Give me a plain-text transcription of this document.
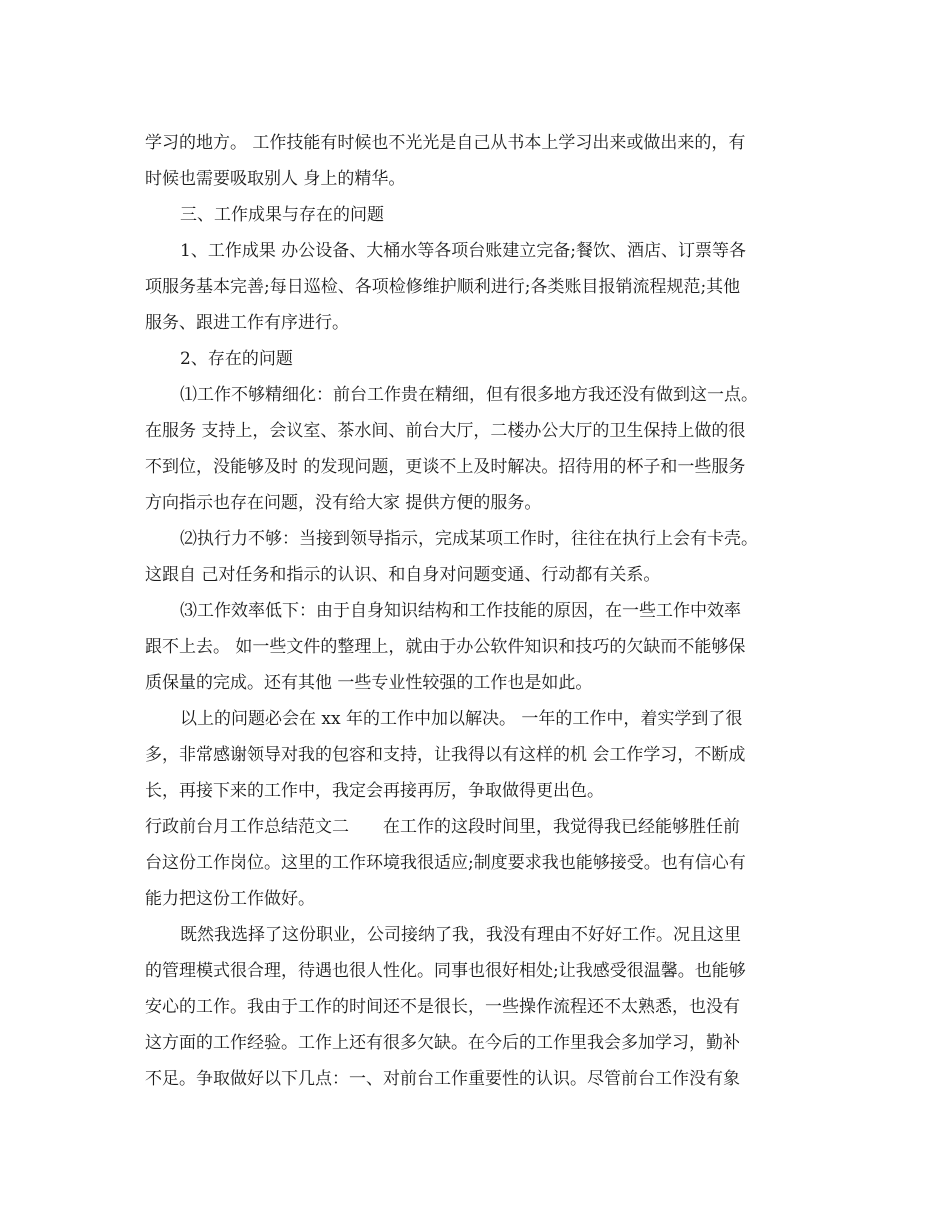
学习的地方。 工作技能有时候也不光光是自己从书本上学习出来或做出来的，有
时候也需要吸取别人 身上的精华。
三、工作成果与存在的问题
1、工作成果 办公设备、大桶水等各项台账建立完备;餐饮、酒店、订票等各
项服务基本完善;每日巡检、各项检修维护顺利进行;各类账目报销流程规范;其他
服务、跟进工作有序进行。
2、存在的问题
⑴工作不够精细化：前台工作贵在精细，但有很多地方我还没有做到这一点。
在服务 支持上，会议室、茶水间、前台大厅，二楼办公大厅的卫生保持上做的很
不到位，没能够及时 的发现问题，更谈不上及时解决。招待用的杯子和一些服务
方向指示也存在问题，没有给大家 提供方便的服务。
⑵执行力不够：当接到领导指示，完成某项工作时，往往在执行上会有卡壳。
这跟自 己对任务和指示的认识、和自身对问题变通、行动都有关系。
⑶工作效率低下：由于自身知识结构和工作技能的原因，在一些工作中效率
跟不上去。 如一些文件的整理上，就由于办公软件知识和技巧的欠缺而不能够保
质保量的完成。还有其他 一些专业性较强的工作也是如此。
以上的问题必会在 xx 年的工作中加以解决。 一年的工作中，着实学到了很
多，非常感谢领导对我的包容和支持，让我得以有这样的机 会工作学习，不断成
长，再接下来的工作中，我定会再接再厉，争取做得更出色。
行政前台月工作总结范文二　　在工作的这段时间里，我觉得我已经能够胜任前
台这份工作岗位。这里的工作环境我很适应;制度要求我也能够接受。也有信心有
能力把这份工作做好。
既然我选择了这份职业，公司接纳了我，我没有理由不好好工作。况且这里
的管理模式很合理，待遇也很人性化。同事也很好相处;让我感受很温馨。也能够
安心的工作。我由于工作的时间还不是很长，一些操作流程还不太熟悉，也没有
这方面的工作经验。工作上还有很多欠缺。在今后的工作里我会多加学习，勤补
不足。争取做好以下几点：一、对前台工作重要性的认识。尽管前台工作没有象
